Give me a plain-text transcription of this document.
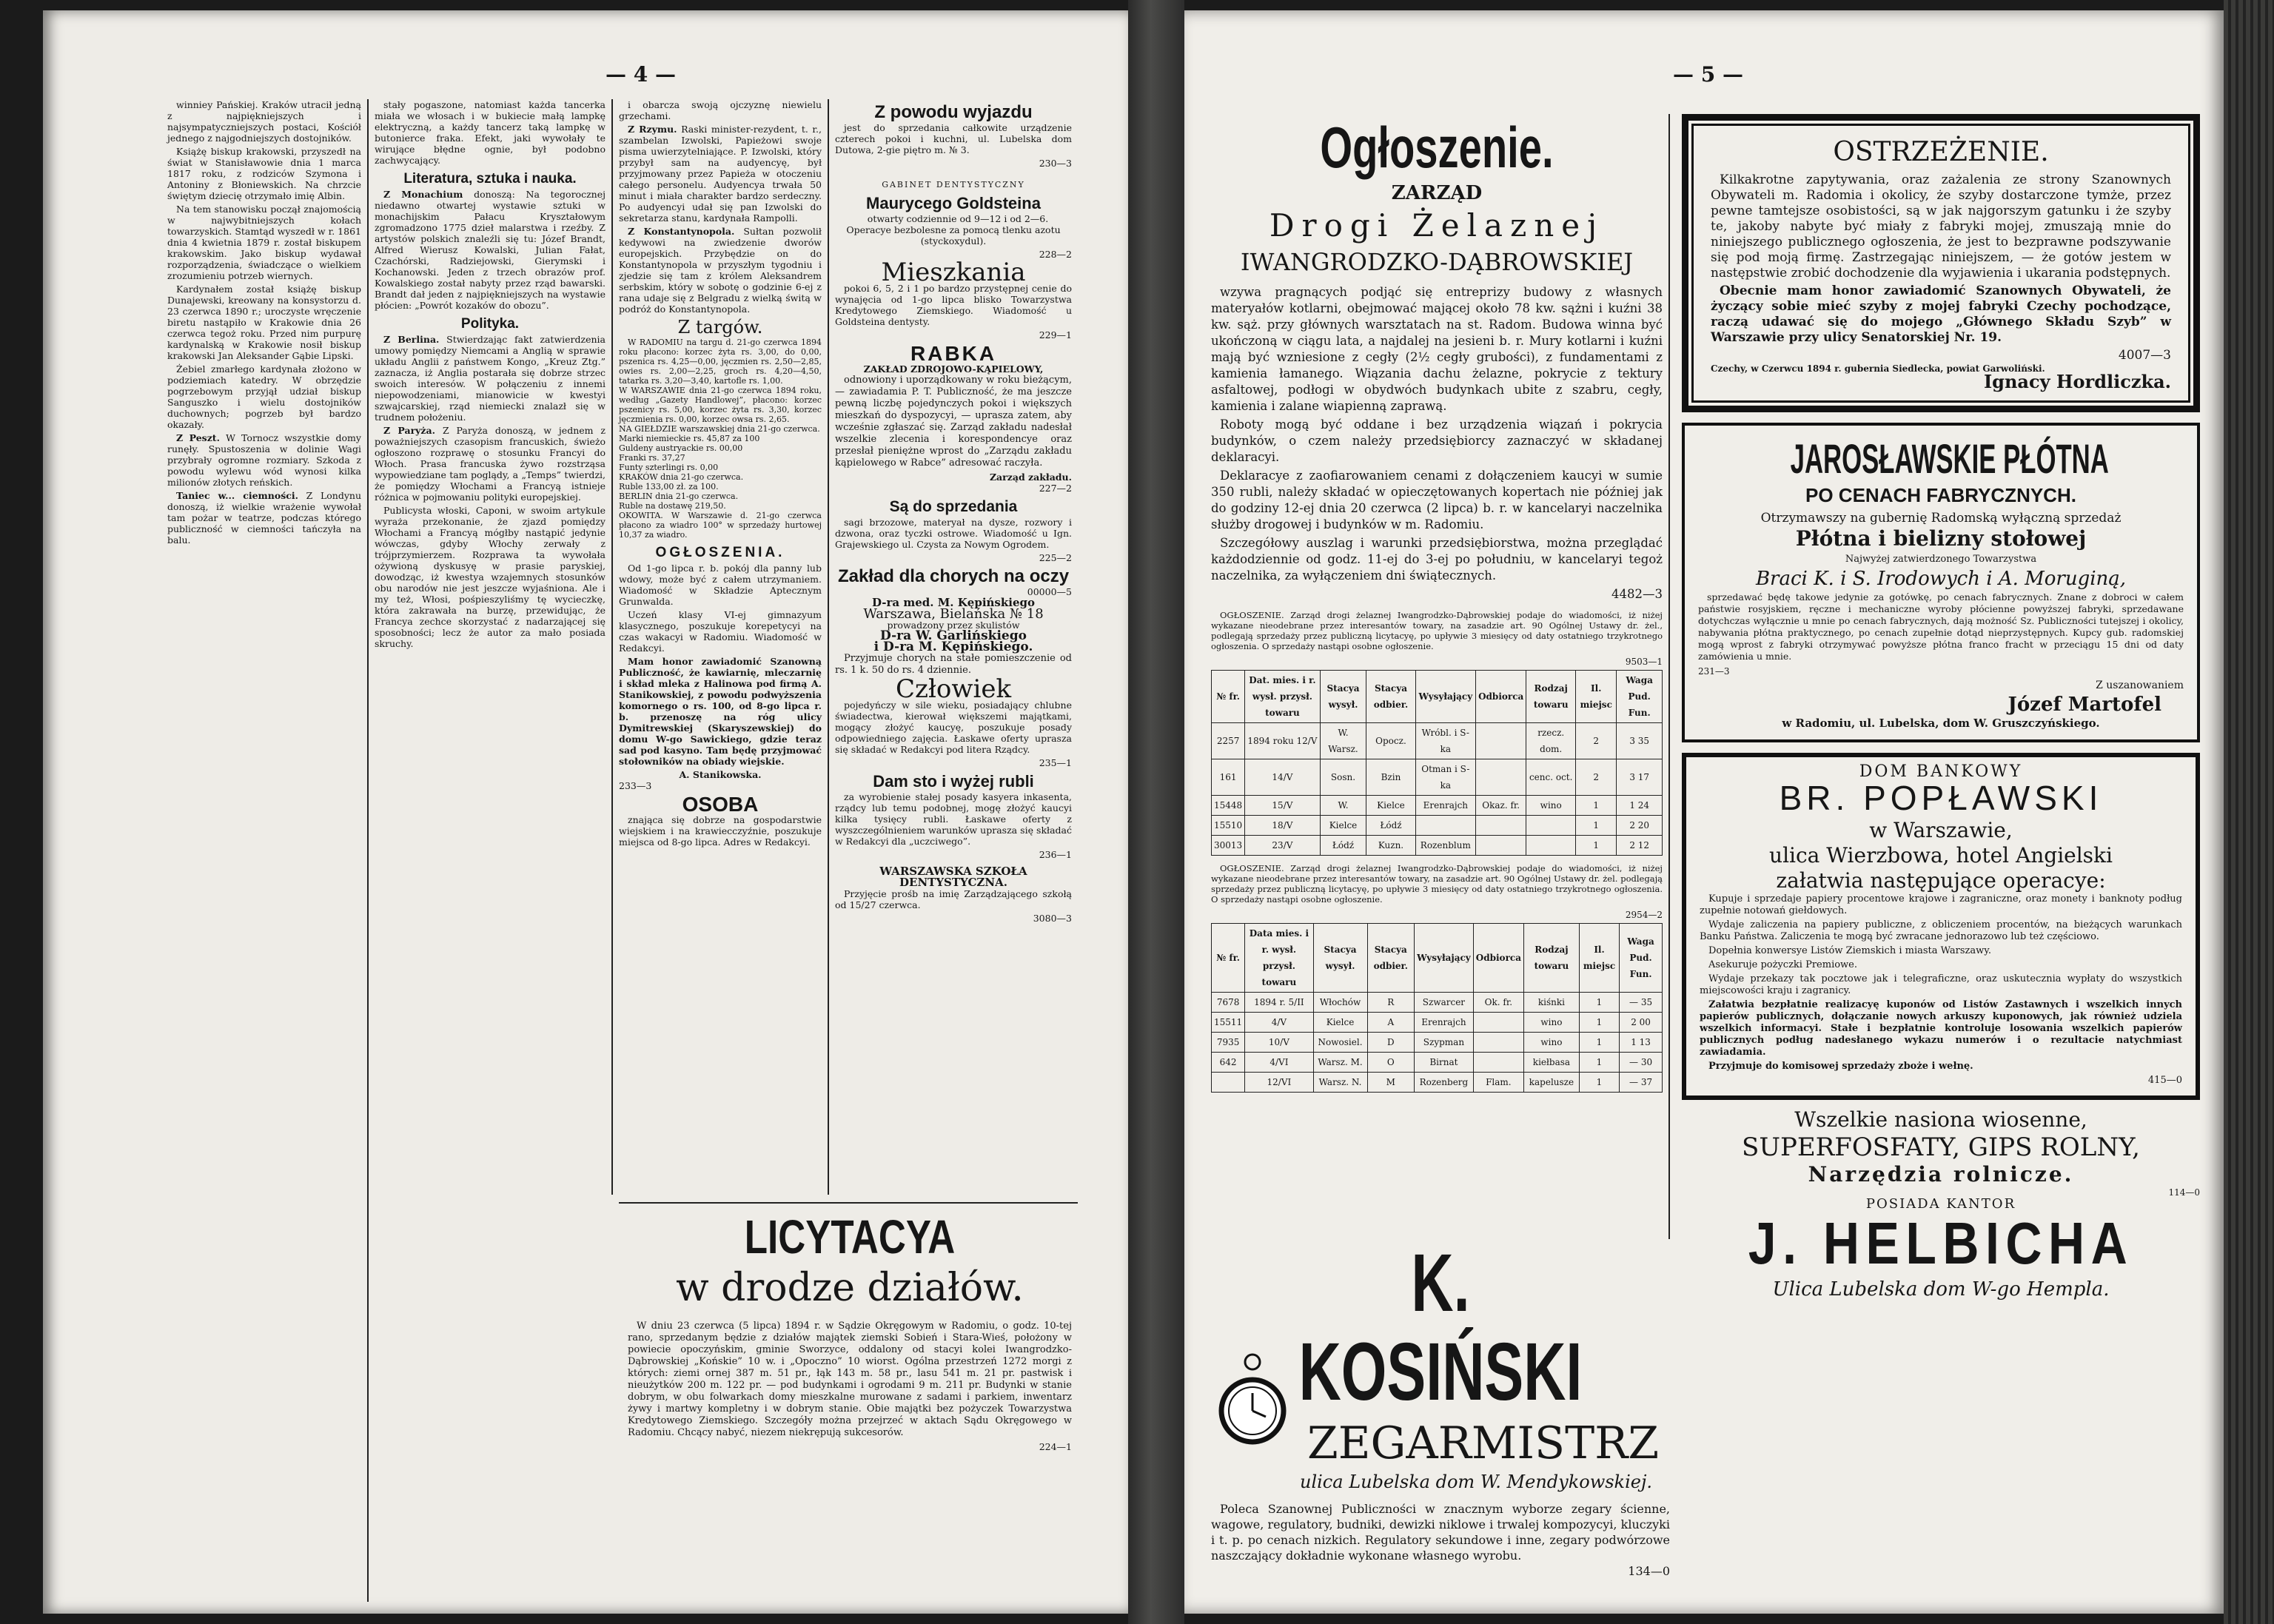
— 4 —

winniey Pańskiej. Kraków utracił jedną z najpiękniejszych i najsympatyczniejszych postaci, Kościół jednego z najgodniejszych dostojników.

Książę biskup krakowski, przyszedł na świat w Stanisławowie dnia 1 marca 1817 roku, z rodziców Szymona i Antoniny z Błoniewskich. Na chrzcie świętym dziecię otrzymało imię Albin.

Na tem stanowisku począł znajomością w najwybitniejszych kołach towarzyskich. Stamtąd wyszedł w r. 1861 dnia 4 kwietnia 1879 r. został biskupem krakowskim. Jako biskup wydawał rozporządzenia, świadczące o wielkiem zrozumieniu potrzeb wiernych.

Kardynałem został książę biskup Dunajewski, kreowany na konsystorzu d. 23 czerwca 1890 r.; uroczyste wręczenie biretu nastąpiło w Krakowie dnia 26 czerwca tegoż roku. Przed nim purpurę kardynalską w Krakowie nosił biskup krakowski Jan Aleksander Gąbie Lipski.

Żebiel zmarłego kardynała złożono w podziemiach katedry. W obrzędzie pogrzebowym przyjął udział biskup Sanguszko i wielu dostojników duchownych; pogrzeb był bardzo okazały.

Z Peszt. W Tornocz wszystkie domy runęły. Spustoszenia w dolinie Wagi przybrały ogromne rozmiary. Szkoda z powodu wylewu wód wynosi kilka milionów złotych reńskich.

Taniec w... ciemności. Z Londynu donoszą, iż wielkie wrażenie wywołał tam pożar w teatrze, podczas którego publiczność w ciemności tańczyła na balu.

stały pogaszone, natomiast każda tancerka miała we włosach i w bukiecie małą lampkę elektryczną, a każdy tancerz taką lampkę w butonierce fraka. Efekt, jaki wywołały te wirujące błędne ognie, był podobno zachwycający.

Literatura, sztuka i nauka.

Z Monachium donoszą: Na tegorocznej niedawno otwartej wystawie sztuki w monachijskim Pałacu Kryształowym zgromadzono 1775 dzieł malarstwa i rzeźby. Z artystów polskich znaleźli się tu: Józef Brandt, Alfred Wierusz Kowalski, Julian Fałat, Czachórski, Radziejowski, Gierymski i Kochanowski. Jeden z trzech obrazów prof. Kowalskiego został nabyty przez rząd bawarski. Brandt dał jeden z najpiękniejszych na wystawie płócien: „Powrót kozaków do obozu”.

Polityka.

Z Berlina. Stwierdzając fakt zatwierdzenia umowy pomiędzy Niemcami a Anglią w sprawie układu Anglii z państwem Kongo, „Kreuz Ztg.” zaznacza, iż Anglia postarała się dobrze strzec swoich interesów. W połączeniu z innemi niepowodzeniami, mianowicie w kwestyi szwajcarskiej, rząd niemiecki znalazł się w trudnem położeniu.

Z Paryża. Z Paryża donoszą, w jednem z poważniejszych czasopism francuskich, świeżo ogłoszono rozprawę o stosunku Francyi do Włoch. Prasa francuska żywo rozstrząsa wypowiedziane tam poglądy, a „Temps” twierdzi, że pomiędzy Włochami a Francyą istnieje różnica w pojmowaniu polityki europejskiej.

Publicysta włoski, Caponi, w swoim artykule wyraża przekonanie, że zjazd pomiędzy Włochami a Francyą mógłby nastąpić jedynie wówczas, gdyby Włochy zerwały z trójprzymierzem. Rozprawa ta wywołała ożywioną dyskusyę w prasie paryskiej, dowodząc, iż kwestya wzajemnych stosunków obu narodów nie jest jeszcze wyjaśniona. Ale i my też, Włosi, pośpieszyliśmy tę wycieczkę, która zakrawała na burzę, przewidując, że Francya zechce skorzystać z nadarzającej się sposobności; lecz że autor za mało posiada skruchy.

i obarcza swoją ojczyznę niewielu grzechami.

Z Rzymu. Raski minister-rezydent, t. r., szambelan Izwolski, Papieżowi swoje pisma uwierzytelniające. P. Izwolski, który przybył sam na audyencyę, był przyjmowany przez Papieża w otoczeniu całego personelu. Audyencya trwała 50 minut i miała charakter bardzo serdeczny. Po audyencyi udał się pan Izwolski do sekretarza stanu, kardynała Rampolli.

Z Konstantynopola. Sułtan pozwolił kedywowi na zwiedzenie dworów europejskich. Przybędzie on do Konstantynopola w przyszłym tygodniu i zjedzie się tam z królem Aleksandrem serbskim, który w sobotę o godzinie 6-ej z rana udaje się z Belgradu z wielką świtą w podróż do Konstantynopola.

Z targów.

W RADOMIU na targu d. 21-go czerwca 1894 roku płacono: korzec żyta rs. 3,00, do 0,00, pszenica rs. 4,25—0,00, jęczmien rs. 2,50—2,85, owies rs. 2,00—2,25, groch rs. 4,20—4,50, tatarka rs. 3,20—3,40, kartofle rs. 1,00.
W WARSZAWIE dnia 21-go czerwca 1894 roku, według „Gazety Handlowej”, płacono: korzec pszenicy rs. 5,00, korzec żyta rs. 3,30, korzec jęczmienia rs. 0,00, korzec owsa rs. 2,65.
NA GIEŁDZIE warszawskiej dnia 21-go czerwca.
Marki niemieckie rs. 45,87 za 100
Guldeny austryackie rs. 00,00
Franki rs. 37,27
Funty szterlingi rs. 0,00
KRAKÓW dnia 21-go czerwca.
Ruble 133,00 zł. za 100.
BERLIN dnia 21-go czerwca.
Ruble na dostawę 219,50.
OKOWITA. W Warszawie d. 21-go czerwca płacono za wiadro 100° w sprzedaży hurtowej 10,37 za wiadro.

OGŁOSZENIA.

Od 1-go lipca r. b. pokój dla panny lub wdowy, może być z całem utrzymaniem. Wiadomość w Składzie Aptecznym Grunwalda.

Uczeń klasy VI-ej gimnazyum klasycznego, poszukuje korepetycyi na czas wakacyi w Radomiu. Wiadomość w Redakcyi.

Mam honor zawiadomić Szanowną Publiczność, że kawiarnię, mleczarnię i skład mleka z Halinowa pod firmą A. Stanikowskiej, z powodu podwyższenia komornego o rs. 100, od 8-go lipca r. b. przenoszę na róg ulicy Dymitrewskiej (Skaryszewskiej) do domu W-go Sawickiego, gdzie teraz sad pod kasyno. Tam będę przyjmować stołowników na obiady wiejskie.

A. Stanikowska.
233—3
OSOBA

znająca się dobrze na gospodarstwie wiejskiem i na krawiecczyźnie, poszukuje miejsca od 8-go lipca. Adres w Redakcyi.

Z powodu wyjazdu

jest do sprzedania całkowite urządzenie czterech pokoi i kuchni, ul. Lubelska dom Dutowa, 2-gie piętro m. № 3.

230—3
GABINET DENTYSTYCZNY
Maurycego Goldsteina

otwarty codziennie od 9—12 i od 2—6. Operacye bezbolesne za pomocą tlenku azotu (styckoxydul).

228—2
Mieszkania

pokoi 6, 5, 2 i 1 po bardzo przystępnej cenie do wynajęcia od 1-go lipca blisko Towarzystwa Kredytowego Ziemskiego. Wiadomość u Goldsteina dentysty.

229—1
RABKA
ZAKŁAD ZDROJOWO-KĄPIELOWY,

odnowiony i uporządkowany w roku bieżącym, — zawiadamia P. T. Publiczność, że ma jeszcze pewną liczbę pojedynczych pokoi i większych mieszkań do dyspozycyi, — uprasza zatem, aby wcześnie zgłaszać się. Zarząd zakładu nadesłał wszelkie zlecenia i korespondencye oraz przesłał pieniężne wprost do „Zarządu zakładu kąpielowego w Rabce” adresować raczyła.

Zarząd zakładu.
227—2
Są do sprzedania

sagi brzozowe, materyał na dysze, rozwory i dzwona, oraz tyczki ostrowe. Wiadomość u Ign. Grajewskiego ul. Czysta za Nowym Ogrodem.

225—2
Zakład dla chorych na oczy
00000—5
D-ra med. M. Kępińskiego
Warszawa, Bielańska № 18
prowadzony przez skulistów
D-ra W. Garlińskiego
i D-ra M. Kępińskiego.

Przyjmuje chorych na stałe pomieszczenie od rs. 1 k. 50 do rs. 4 dziennie.

Człowiek

pojedyńczy w sile wieku, posiadający chlubne świadectwa, kierował większemi majątkami, mogący złożyć kaucyę, poszukuje posady odpowiedniego zajęcia. Łaskawe oferty uprasza się składać w Redakcyi pod litera Rządcy.

235—1
Dam sto i wyżej rubli

za wyrobienie stałej posady kasyera inkasenta, rządcy lub temu podobnej, mogę złożyć kaucyi kilka tysięcy rubli. Łaskawe oferty z wyszczególnieniem warunków uprasza się składać w Redakcyi dla „uczciwego”.

236—1
WARSZAWSKA SZKOŁA DENTYSTYCZNA.

Przyjęcie prośb na imię Zarządzającego szkołą od 15/27 czerwca.

3080—3
LICYTACYA
w drodze działów.

W dniu 23 czerwca (5 lipca) 1894 r. w Sądzie Okręgowym w Radomiu, o godz. 10-tej rano, sprzedanym będzie z działów majątek ziemski Sobień i Stara-Wieś, położony w powiecie opoczyńskim, gminie Sworzyce, oddalony od stacyi kolei Iwangrodzko-Dąbrowskiej „Końskie” 10 w. i „Opoczno” 10 wiorst. Ogólna przestrzeń 1272 morgi z których: ziemi ornej 387 m. 51 pr., łąk 143 m. 58 pr., lasu 541 m. 21 pr. pastwisk i nieużytków 200 m. 122 pr. — pod budynkami i ogrodami 9 m. 211 pr. Budynki w stanie dobrym, w obu folwarkach domy mieszkalne murowane z sadami i parkiem, inwentarz żywy i martwy kompletny i w dobrym stanie. Obie majątki bez pożyczek Towarzystwa Kredytowego Ziemskiego. Szczegóły można przejrzeć w aktach Sądu Okręgowego w Radomiu. Chcący nabyć, niezem niekrępują sukcesorów.

224—1
— 5 —
Ogłoszenie.
ZARZĄD
Drogi Żelaznej
IWANGRODZKO-DĄBROWSKIEJ

wzywa pragnących podjąć się entreprizy budowy z własnych materyałów kotlarni, obejmować mającej około 78 kw. sążni i kuźni 38 kw. sąż. przy głównych warsztatach na st. Radom. Budowa winna być ukończoną w ciągu lata, a najdalej na jesieni b. r. Mury kotlarni i kuźni mają być wzniesione z cegły (2½ cegły grubości), z fundamentami z kamienia łamanego. Wiązania dachu żelazne, pokrycie z tektury asfaltowej, podłogi w obydwóch budynkach ubite z szabru, cegły, kamienia i zalane wiapienną zaprawą.

Roboty mogą być oddane i bez urządzenia wiązań i pokrycia budynków, o czem należy przedsiębiorcy zaznaczyć w składanej deklaracyi.

Deklaracye z zaofiarowaniem cenami z dołączeniem kaucyi w sumie 350 rubli, należy składać w opieczętowanych kopertach nie później jak do godziny 12-ej dnia 20 czerwca (2 lipca) b. r. w kancelaryi naczelnika służby drogowej i budynków w m. Radomiu.

Szczegółowy auszlag i warunki przedsiębiorstwa, można przeglądać każdodziennie od godz. 11-ej do 3-ej po południu, w kancelaryi tegoż naczelnika, za wyłączeniem dni świątecznych.

4482—3

OGŁOSZENIE. Zarząd drogi żelaznej Iwangrodzko-Dąbrowskiej podaje do wiadomości, iż niżej wykazane nieodebrane przez interesantów towary, na zasadzie art. 90 Ogólnej Ustawy dr. żel., podlegają sprzedaży przez publiczną licytacyę, po upływie 3 miesięcy od daty ostatniego trzykrotnego ogłoszenia. O sprzedaży nastąpi osobne ogłoszenie.

9503—1
№ fr.	Dat. mies. i r. wysł. przysł. towaru	Stacya wysył.	Stacya odbier.	Wysyłający	Odbiorca	Rodzaj towaru	Il. miejsc	Waga Pud. Fun.
2257	1894 roku 12/V	W. Warsz.	Opocz.	Wróbl. i S-ka		rzecz. dom.	2	3 35
161	14/V	Sosn.	Bzin	Otman i S-ka		cenc. oct.	2	3 17
15448	15/V	W.	Kielce	Erenrajch	Okaz. fr.	wino	1	1 24
15510	18/V	Kielce	Łódź				1	2 20
30013	23/V	Łódź	Kuzn.	Rozenblum			1	2 12

OGŁOSZENIE. Zarząd drogi żelaznej Iwangrodzko-Dąbrowskiej podaje do wiadomości, iż niżej wykazane nieodebrane przez interesantów towary, na zasadzie art. 90 Ogólnej Ustawy dr. żel. podlegają sprzedaży przez publiczną licytacyę, po upływie 3 miesięcy od daty ostatniego trzykrotnego ogłoszenia. O sprzedaży nastąpi osobne ogłoszenie.

2954—2
№ fr.	Data mies. i r. wysł. przysł. towaru	Stacya wysył.	Stacya odbier.	Wysyłający	Odbiorca	Rodzaj towaru	Il. miejsc	Waga Pud. Fun.
7678	1894 r. 5/II	Włochów	R	Szwarcer	Ok. fr.	kiśnki	1	— 35
15511	4/V	Kielce	A	Erenrajch		wino	1	2 00
7935	10/V	Nowosiel.	D	Szypman		wino	1	1 13
642	4/VI	Warsz. M.	O	Birnat		kiełbasa	1	— 30
	12/VI	Warsz. N.	M	Rozenberg	Flam.	kapelusze	1	— 37
K. KOSIŃSKI
ZEGARMISTRZ
ulica Lubelska dom W. Mendykowskiej.

Poleca Szanownej Publiczności w znacznym wyborze zegary ścienne, wagowe, regulatory, budniki, dewizki niklowe i trwalej kompozycyi, kluczyki i t. p. po cenach nizkich. Regulatory sekundowe i inne, zegary podwórzowe naszczający dokładnie wykonane własnego wyrobu.

134—0
OSTRZEŻENIE.

Kilkakrotne zapytywania, oraz zażalenia ze strony Szanownych Obywateli m. Radomia i okolicy, że szyby dostarczone tymże, przez pewne tamtejsze osobistości, są w jak najgorszym gatunku i że szyby te, jakoby nabyte być miały z fabryki mojej, zmuszają mnie do niniejszego publicznego ogłoszenia, że jest to bezprawne podszywanie się pod moją firmę. Zastrzegając niniejszem, — że gotów jestem w następstwie zrobić dochodzenie dla wyjawienia i ukarania podstępnych.

Obecnie mam honor zawiadomić Szanownych Obywateli, że życzący sobie mieć szyby z mojej fabryki Czechy pochodzące, raczą udawać się do mojego „Głównego Składu Szyb” w Warszawie przy ulicy Senatorskiej Nr. 19.

4007—3
Czechy, w Czerwcu 1894 r. gubernia Siedlecka, powiat Garwoliński.
Ignacy Hordliczka.
JAROSŁAWSKIE PŁÓTNA
PO CENACH FABRYCZNYCH.
Otrzymawszy na gubernię Radomską wyłączną sprzedaż
Płótna i bielizny stołowej
Najwyżej zatwierdzonego Towarzystwa
Braci K. i S. Irodowych i A. Moruginą,

sprzedawać będę takowe jedynie za gotówkę, po cenach fabrycznych. Znane z dobroci w całem państwie rosyjskiem, ręczne i mechaniczne wyroby płócienne powyższej fabryki, sprzedawane dotychczas wyłącznie u mnie po cenach fabrycznych, dają możność Sz. Publiczności tutejszej i okolicy, nabywania płótna praktycznego, po cenach zupełnie dotąd nieprzystępnych. Kupcy gub. radomskiej mogą wprost z fabryki otrzymywać powyższe płótna franco fracht w przeciągu 15 dni od daty zamówienia u mnie.

231—3
Z uszanowaniem
Józef Martofel
w Radomiu, ul. Lubelska, dom W. Gruszczyńskiego.
DOM BANKOWY
BR. POPŁAWSKI
w Warszawie,
ulica Wierzbowa, hotel Angielski
załatwia następujące operacye:

Kupuje i sprzedaje papiery procentowe krajowe i zagraniczne, oraz monety i banknoty podług zupełnie notowań giełdowych.

Wydaje zaliczenia na papiery publiczne, z obliczeniem procentów, na bieżących warunkach Banku Państwa. Zaliczenia te mogą być zwracane jednorazowo lub też częściowo.

Dopełnia konwersye Listów Ziemskich i miasta Warszawy.

Asekuruje pożyczki Premiowe.

Wydaje przekazy tak pocztowe jak i telegraficzne, oraz uskutecznia wypłaty do wszystkich miejscowości kraju i zagranicy.

Załatwia bezpłatnie realizacyę kuponów od Listów Zastawnych i wszelkich innych papierów publicznych, dołączanie nowych arkuszy kuponowych, jak również udziela wszelkich informacyi. Stałe i bezpłatnie kontroluje losowania wszelkich papierów publicznych podług nadesłanego wykazu numerów i o rezultacie natychmiast zawiadamia.

Przyjmuje do komisowej sprzedaży zboże i wełnę.

415—0
Wszelkie nasiona wiosenne,
SUPERFOSFATY, GIPS ROLNY,
Narzędzia rolnicze.
114—0
POSIADA KANTOR
J. HELBICHA
Ulica Lubelska dom W-go Hempla.
